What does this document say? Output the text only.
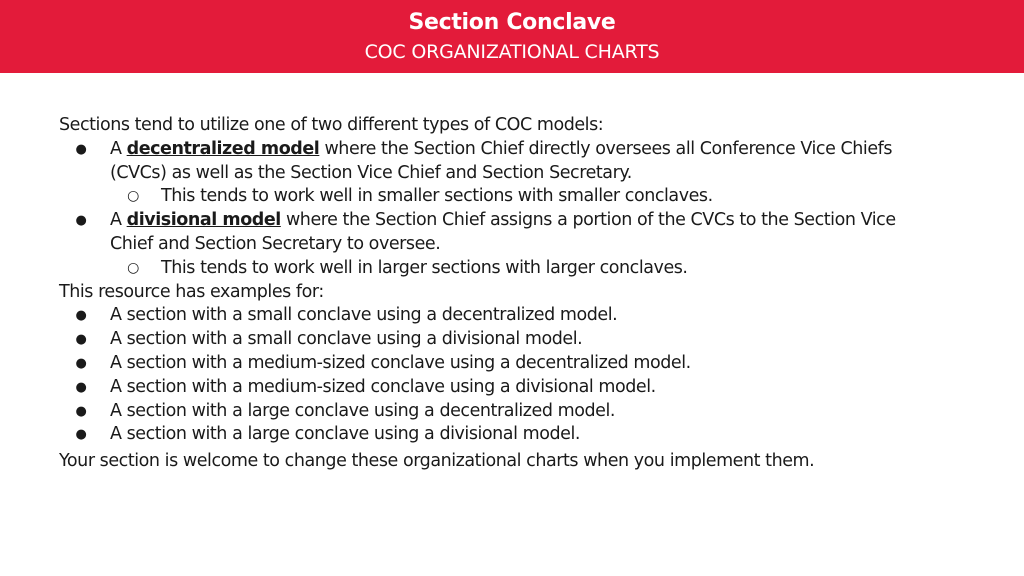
Section Conclave
COC ORGANIZATIONAL CHARTS
Sections tend to utilize one of two different types of COC models:
● A decentralized model where the Section Chief directly oversees all Conference Vice Chiefs
(CVCs) as well as the Section Vice Chief and Section Secretary.
○ This tends to work well in smaller sections with smaller conclaves.
● A divisional model where the Section Chief assigns a portion of the CVCs to the Section Vice
Chief and Section Secretary to oversee.
○ This tends to work well in larger sections with larger conclaves.
This resource has examples for:
● A section with a small conclave using a decentralized model.
● A section with a small conclave using a divisional model.
● A section with a medium-sized conclave using a decentralized model.
● A section with a medium-sized conclave using a divisional model.
● A section with a large conclave using a decentralized model.
● A section with a large conclave using a divisional model.
Your section is welcome to change these organizational charts when you implement them.
